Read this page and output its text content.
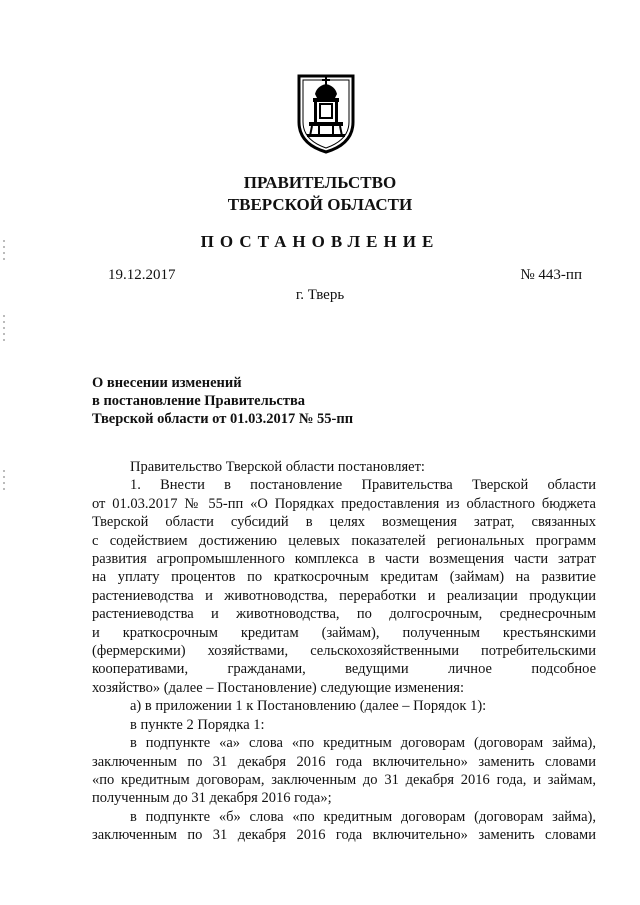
ПРАВИТЕЛЬСТВО
ТВЕРСКОЙ ОБЛАСТИ
ПОСТАНОВЛЕНИЕ
19.12.2017	№ 443-пп
г. Тверь
О внесении изменений
в постановление Правительства
Тверской области от 01.03.2017 № 55-пп

Правительство Тверской области постановляет:

1. Внести в постановление Правительства Тверской области

от 01.03.2017 № 55-пп «О Порядках предоставления из областного бюджета

Тверской области субсидий в целях возмещения затрат, связанных

с содействием достижению целевых показателей региональных программ

развития агропромышленного комплекса в части возмещения части затрат

на уплату процентов по краткосрочным кредитам (займам) на развитие

растениеводства и животноводства, переработки и реализации продукции

растениеводства и животноводства, по долгосрочным, среднесрочным

и краткосрочным кредитам (займам), полученным крестьянскими

(фермерскими) хозяйствами, сельскохозяйственными потребительскими

кооперативами, гражданами, ведущими личное подсобное

хозяйство» (далее – Постановление) следующие изменения:

а) в приложении 1 к Постановлению (далее – Порядок 1):

в пункте 2 Порядка 1:

в подпункте «а» слова «по кредитным договорам (договорам займа),

заключенным по 31 декабря 2016 года включительно» заменить словами

«по кредитным договорам, заключенным до 31 декабря 2016 года, и займам,

полученным до 31 декабря 2016 года»;

в подпункте «б» слова «по кредитным договорам (договорам займа),

заключенным по 31 декабря 2016 года включительно» заменить словами
